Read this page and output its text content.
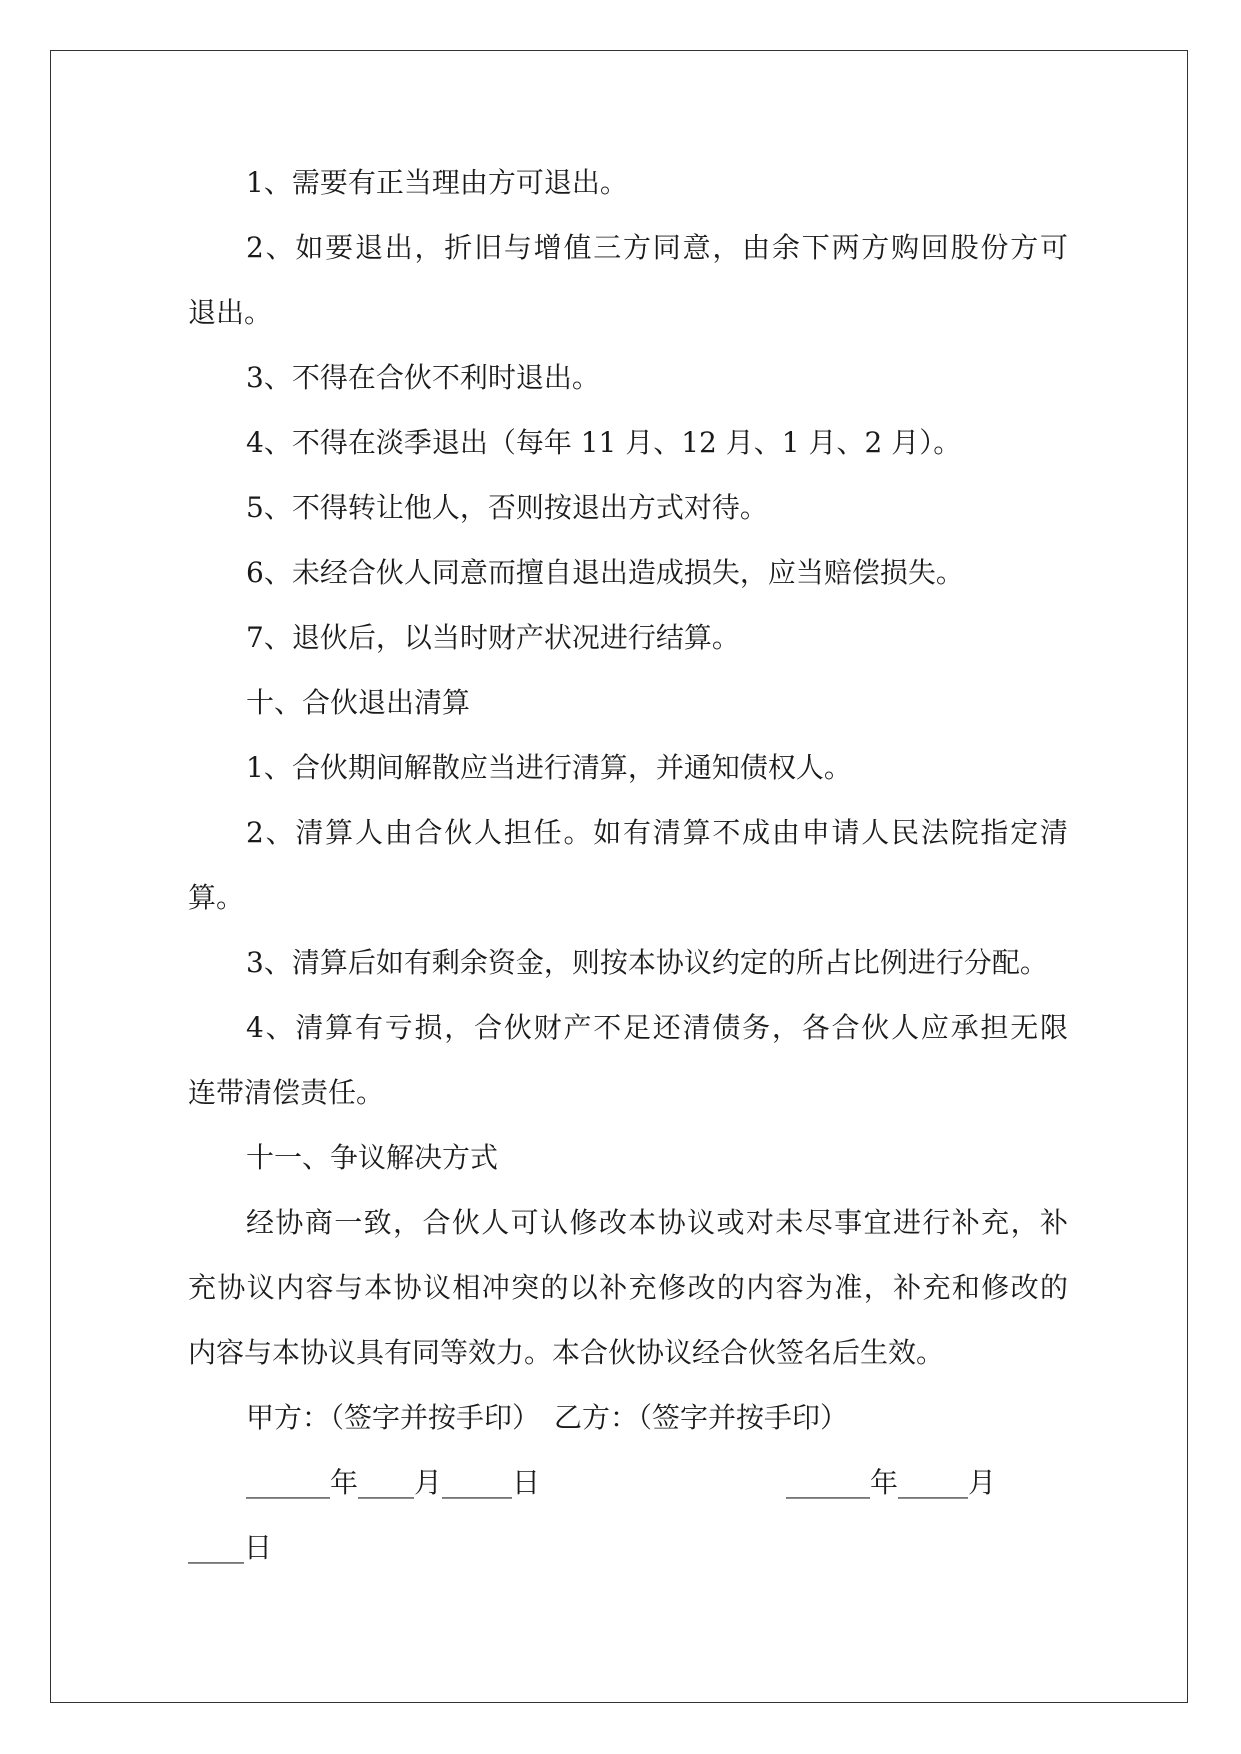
1、需要有正当理由方可退出。
2、如要退出，折旧与增值三方同意，由余下两方购回股份方可
退出。
3、不得在合伙不利时退出。
4、不得在淡季退出（每年 11 月、12 月、1 月、2 月）。
5、不得转让他人，否则按退出方式对待。
6、未经合伙人同意而擅自退出造成损失，应当赔偿损失。
7、退伙后，以当时财产状况进行结算。
十、合伙退出清算
1、合伙期间解散应当进行清算，并通知债权人。
2、清算人由合伙人担任。如有清算不成由申请人民法院指定清
算。
3、清算后如有剩余资金，则按本协议约定的所占比例进行分配。
4、清算有亏损，合伙财产不足还清债务，各合伙人应承担无限
连带清偿责任。
十一、争议解决方式
经协商一致，合伙人可认修改本协议或对未尽事宜进行补充，补
充协议内容与本协议相冲突的以补充修改的内容为准，补充和修改的
内容与本协议具有同等效力。本合伙协议经合伙签名后生效。
甲方：（签字并按手印）　乙方：（签字并按手印）
______年____月_____日	______年_____月
____日
